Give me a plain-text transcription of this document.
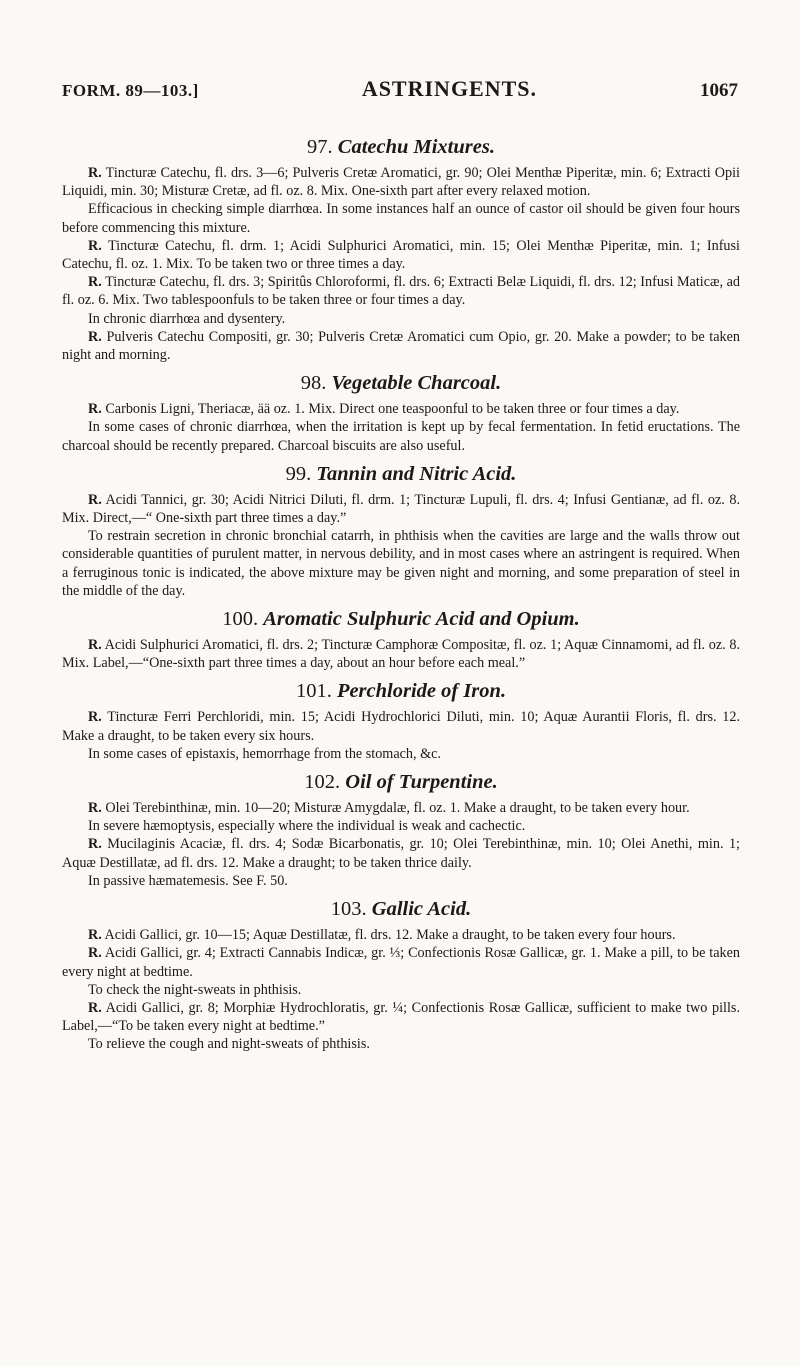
FORM. 89—103.]	ASTRINGENTS.	1067
97. Catechu Mixtures.

R. Tincturæ Catechu, fl. drs. 3—6; Pulveris Cretæ Aromatici, gr. 90; Olei Menthæ Piperitæ, min. 6; Extracti Opii Liquidi, min. 30; Misturæ Cretæ, ad fl. oz. 8. Mix. One-sixth part after every relaxed motion.

Efficacious in checking simple diarrhœa. In some instances half an ounce of castor oil should be given four hours before commencing this mixture.

R. Tincturæ Catechu, fl. drm. 1; Acidi Sulphurici Aromatici, min. 15; Olei Menthæ Piperitæ, min. 1; Infusi Catechu, fl. oz. 1. Mix. To be taken two or three times a day.

R. Tincturæ Catechu, fl. drs. 3; Spiritûs Chloroformi, fl. drs. 6; Extracti Belæ Liquidi, fl. drs. 12; Infusi Maticæ, ad fl. oz. 6. Mix. Two tablespoonfuls to be taken three or four times a day.

In chronic diarrhœa and dysentery.

R. Pulveris Catechu Compositi, gr. 30; Pulveris Cretæ Aromatici cum Opio, gr. 20. Make a powder; to be taken night and morning.

98. Vegetable Charcoal.

R. Carbonis Ligni, Theriacæ, ää oz. 1. Mix. Direct one teaspoonful to be taken three or four times a day.

In some cases of chronic diarrhœa, when the irritation is kept up by fecal fermentation. In fetid eructations. The charcoal should be recently prepared. Charcoal biscuits are also useful.

99. Tannin and Nitric Acid.

R. Acidi Tannici, gr. 30; Acidi Nitrici Diluti, fl. drm. 1; Tincturæ Lupuli, fl. drs. 4; Infusi Gentianæ, ad fl. oz. 8. Mix. Direct,—“ One-sixth part three times a day.”

To restrain secretion in chronic bronchial catarrh, in phthisis when the cavities are large and the walls throw out considerable quantities of purulent matter, in nervous debility, and in most cases where an astringent is required. When a ferruginous tonic is indicated, the above mixture may be given night and morning, and some preparation of steel in the middle of the day.

100. Aromatic Sulphuric Acid and Opium.

R. Acidi Sulphurici Aromatici, fl. drs. 2; Tincturæ Camphoræ Compositæ, fl. oz. 1; Aquæ Cinnamomi, ad fl. oz. 8. Mix. Label,—“One-sixth part three times a day, about an hour before each meal.”

101. Perchloride of Iron.

R. Tincturæ Ferri Perchloridi, min. 15; Acidi Hydrochlorici Diluti, min. 10; Aquæ Aurantii Floris, fl. drs. 12. Make a draught, to be taken every six hours.

In some cases of epistaxis, hemorrhage from the stomach, &c.

102. Oil of Turpentine.

R. Olei Terebinthinæ, min. 10—20; Misturæ Amygdalæ, fl. oz. 1. Make a draught, to be taken every hour.

In severe hæmoptysis, especially where the individual is weak and cachectic.

R. Mucilaginis Acaciæ, fl. drs. 4; Sodæ Bicarbonatis, gr. 10; Olei Terebinthinæ, min. 10; Olei Anethi, min. 1; Aquæ Destillatæ, ad fl. drs. 12. Make a draught; to be taken thrice daily.

In passive hæmatemesis. See F. 50.

103. Gallic Acid.

R. Acidi Gallici, gr. 10—15; Aquæ Destillatæ, fl. drs. 12. Make a draught, to be taken every four hours.

R. Acidi Gallici, gr. 4; Extracti Cannabis Indicæ, gr. ⅓; Confectionis Rosæ Gallicæ, gr. 1. Make a pill, to be taken every night at bedtime.

To check the night-sweats in phthisis.

R. Acidi Gallici, gr. 8; Morphiæ Hydrochloratis, gr. ¼; Confectionis Rosæ Gallicæ, sufficient to make two pills. Label,—“To be taken every night at bedtime.”

To relieve the cough and night-sweats of phthisis.
